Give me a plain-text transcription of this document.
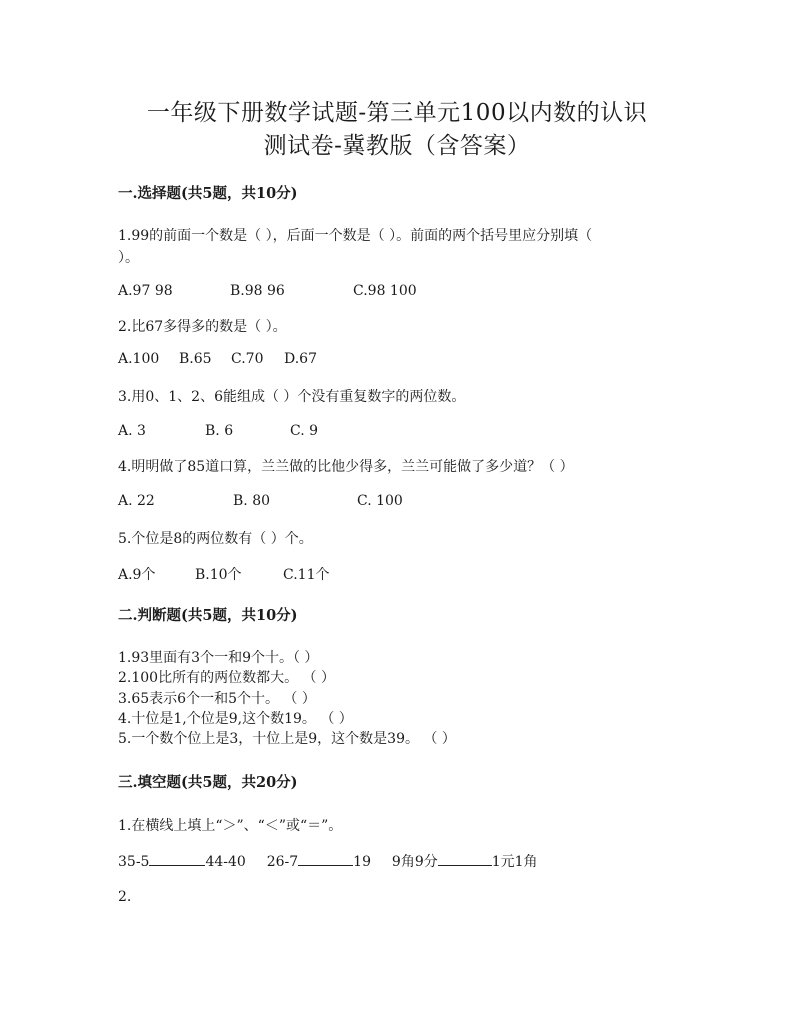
一年级下册数学试题-第三单元100以内数的认识
测试卷-冀教版（含答案）
一.选择题(共5题，共10分)
1.99的前面一个数是（ ），后面一个数是（ ）。前面的两个括号里应分别填（
）。
A.97 98	B.98 96	C.98 100
2.比67多得多的数是（ ）。
A.100 B.65 C.70 D.67
3.用0、1、2、6能组成（ ）个没有重复数字的两位数。
A. 3	B. 6	C. 9
4.明明做了85道口算，兰兰做的比他少得多，兰兰可能做了多少道？（ ）
A. 22	B. 80	C. 100
5.个位是8的两位数有（ ）个。
A.9个	B.10个	C.11个
二.判断题(共5题，共10分)
1.93里面有3个一和9个十。（ ）
2.100比所有的两位数都大。 （ ）
3.65表示6个一和5个十。 （ ）
4.十位是1,个位是9,这个数19。 （ ）
5.一个数个位上是3，十位上是9，这个数是39。 （ ）
三.填空题(共5题，共20分)
1.在横线上填上“＞”、“＜”或“＝”。
35-5	44-40 26-7	19 9角9分	1元1角
2.
